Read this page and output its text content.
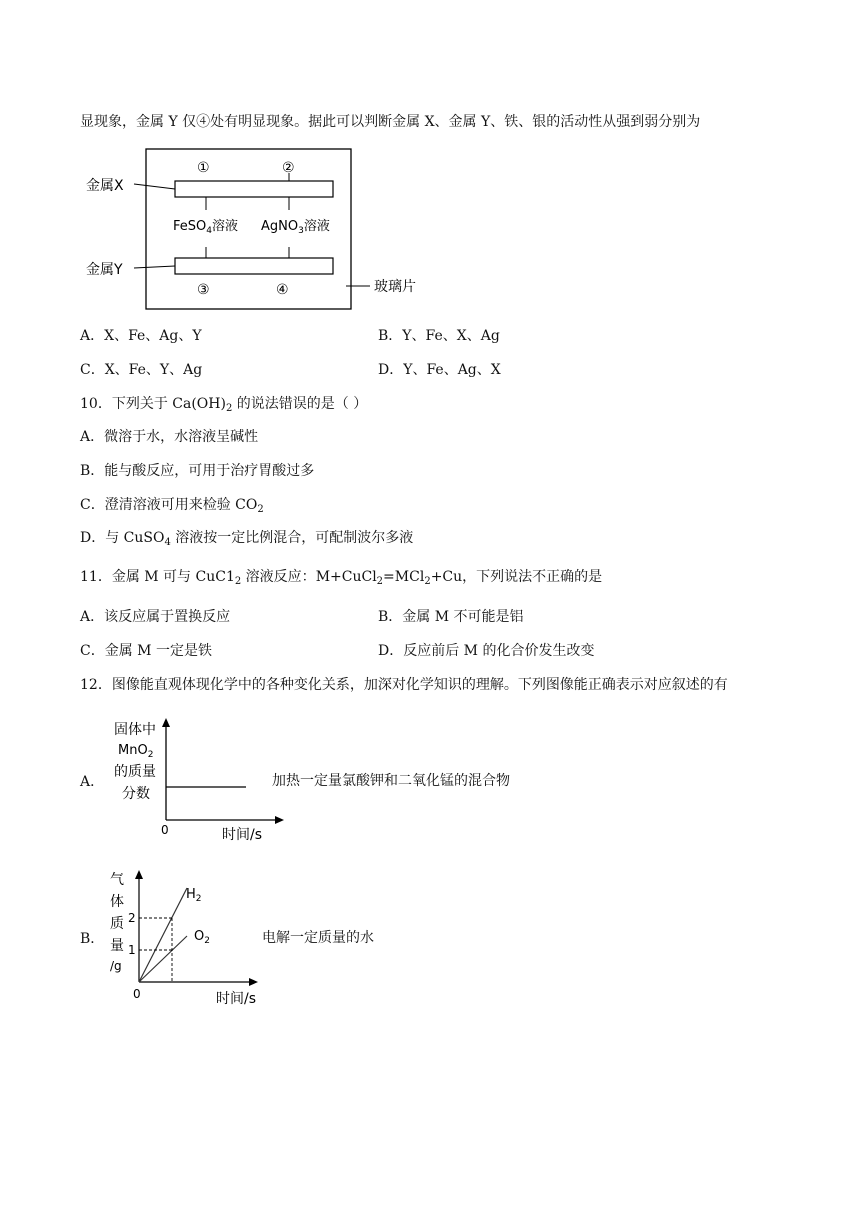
显现象，金属 Y 仅④处有明显现象。据此可以判断金属 X、金属 Y、铁、银的活动性从强到弱分别为
金属X
金属Y
①	②
③	④
FeSO$_4$溶液 AgNO$_3$溶液
玻璃片
A．X、Fe、Ag、Y	B．Y、Fe、X、Ag
C．X、Fe、Y、Ag	D．Y、Fe、Ag、X
10．下列关于 $Ca(OH)_2$ 的说法错误的是（ ）
A．微溶于水，水溶液呈碱性
B．能与酸反应，可用于治疗胃酸过多
C．澄清溶液可用来检验 $CO_2$
D．与 CuSO$_4$ 溶液按一定比例混合，可配制波尔多液
11．金属 M 可与 $CuC1_2$ 溶液反应：M+CuCl$_2$=MCl$_2$+Cu，下列说法不正确的是
A．该反应属于置换反应	B．金属 M 不可能是铝
C．金属 M 一定是铁	D．反应前后 M 的化合价发生改变
12．图像能直观体现化学中的各种变化关系，加深对化学知识的理解。下列图像能正确表示对应叙述的有
A．
固体中
MnO$_2$
的质量
分数
0	时间/s
加热一定量氯酸钾和二氧化锰的混合物
B．
气
体
质
量
/g
2
1
0	时间/s
$H_2$
$O_2$	电解一定质量的水
